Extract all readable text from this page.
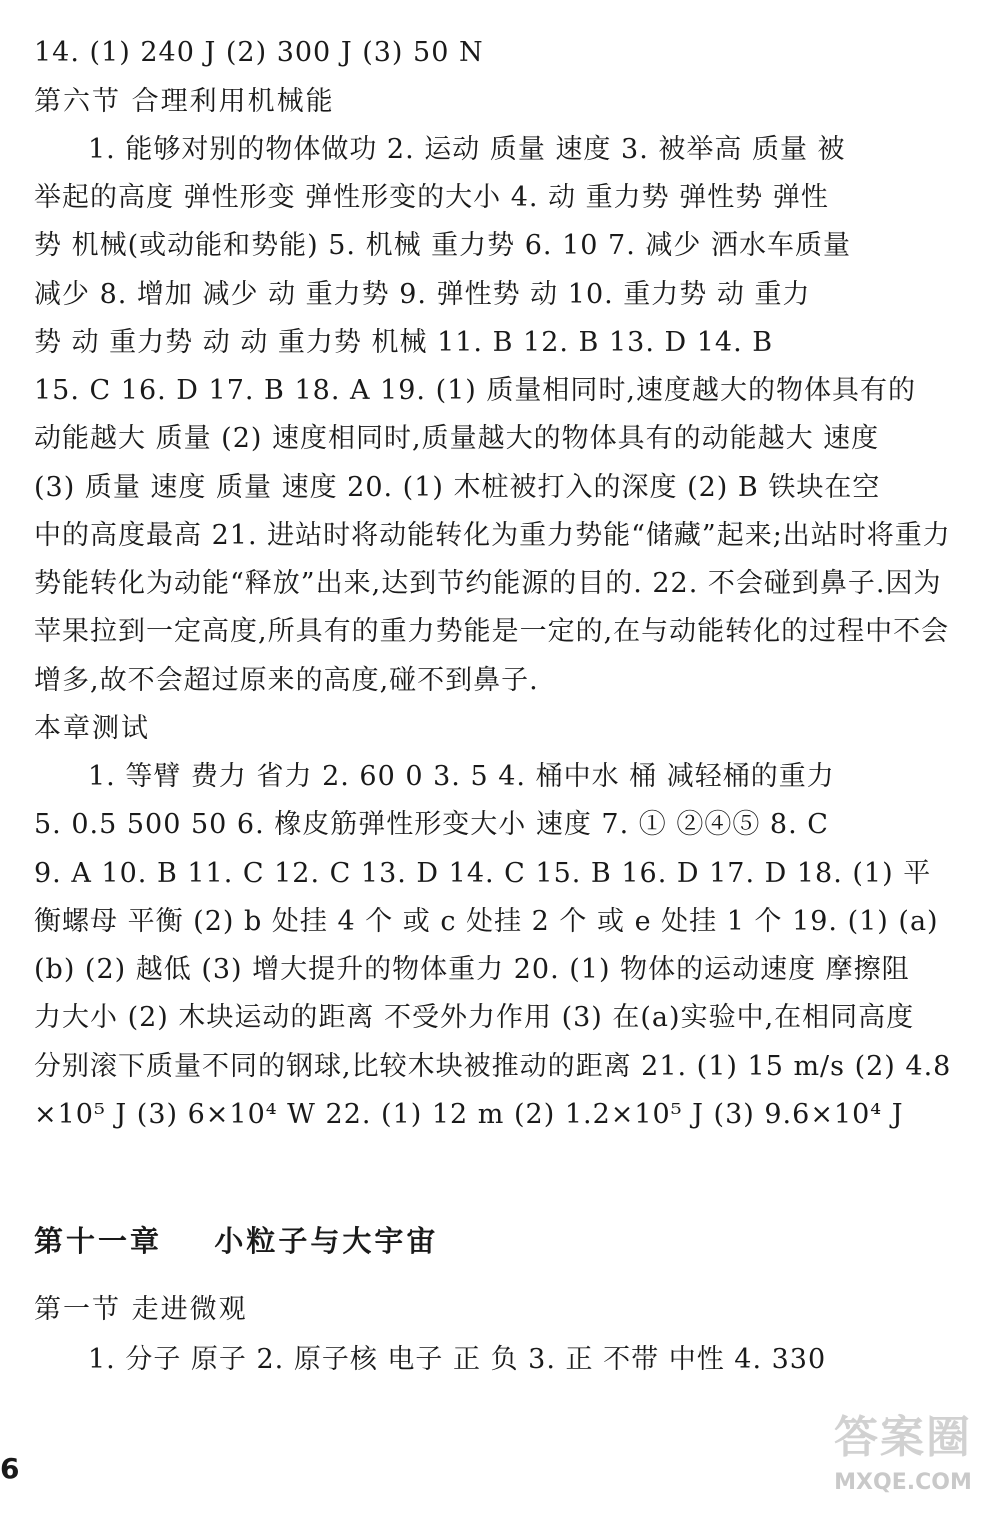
14. (1) 240 J (2) 300 J (3) 50 N
第六节 合理利用机械能
1. 能够对别的物体做功 2. 运动 质量 速度 3. 被举高 质量 被
举起的高度 弹性形变 弹性形变的大小 4. 动 重力势 弹性势 弹性
势 机械(或动能和势能) 5. 机械 重力势 6. 10 7. 减少 洒水车质量
减少 8. 增加 减少 动 重力势 9. 弹性势 动 10. 重力势 动 重力
势 动 重力势 动 动 重力势 机械 11. B 12. B 13. D 14. B
15. C 16. D 17. B 18. A 19. (1) 质量相同时,速度越大的物体具有的
动能越大 质量 (2) 速度相同时,质量越大的物体具有的动能越大 速度
(3) 质量 速度 质量 速度 20. (1) 木桩被打入的深度 (2) B 铁块在空
中的高度最高 21. 进站时将动能转化为重力势能“储藏”起来;出站时将重力
势能转化为动能“释放”出来,达到节约能源的目的. 22. 不会碰到鼻子.因为
苹果拉到一定高度,所具有的重力势能是一定的,在与动能转化的过程中不会
增多,故不会超过原来的高度,碰不到鼻子.
本章测试
1. 等臂 费力 省力 2. 60 0 3. 5 4. 桶中水 桶 减轻桶的重力
5. 0.5 500 50 6. 橡皮筋弹性形变大小 速度 7. ① ②④⑤ 8. C
9. A 10. B 11. C 12. C 13. D 14. C 15. B 16. D 17. D 18. (1) 平
衡螺母 平衡 (2) b 处挂 4 个 或 c 处挂 2 个 或 e 处挂 1 个 19. (1) (a)
(b) (2) 越低 (3) 增大提升的物体重力 20. (1) 物体的运动速度 摩擦阻
力大小 (2) 木块运动的距离 不受外力作用 (3) 在(a)实验中,在相同高度
分别滚下质量不同的钢球,比较木块被推动的距离 21. (1) 15 m/s (2) 4.8
×10⁵ J (3) 6×10⁴ W 22. (1) 12 m (2) 1.2×10⁵ J (3) 9.6×10⁴ J
第十一章    小粒子与大宇宙
第一节 走进微观
1. 分子 原子 2. 原子核 电子 正 负 3. 正 不带 中性 4. 330
6
答案圈
MXQE.COM
